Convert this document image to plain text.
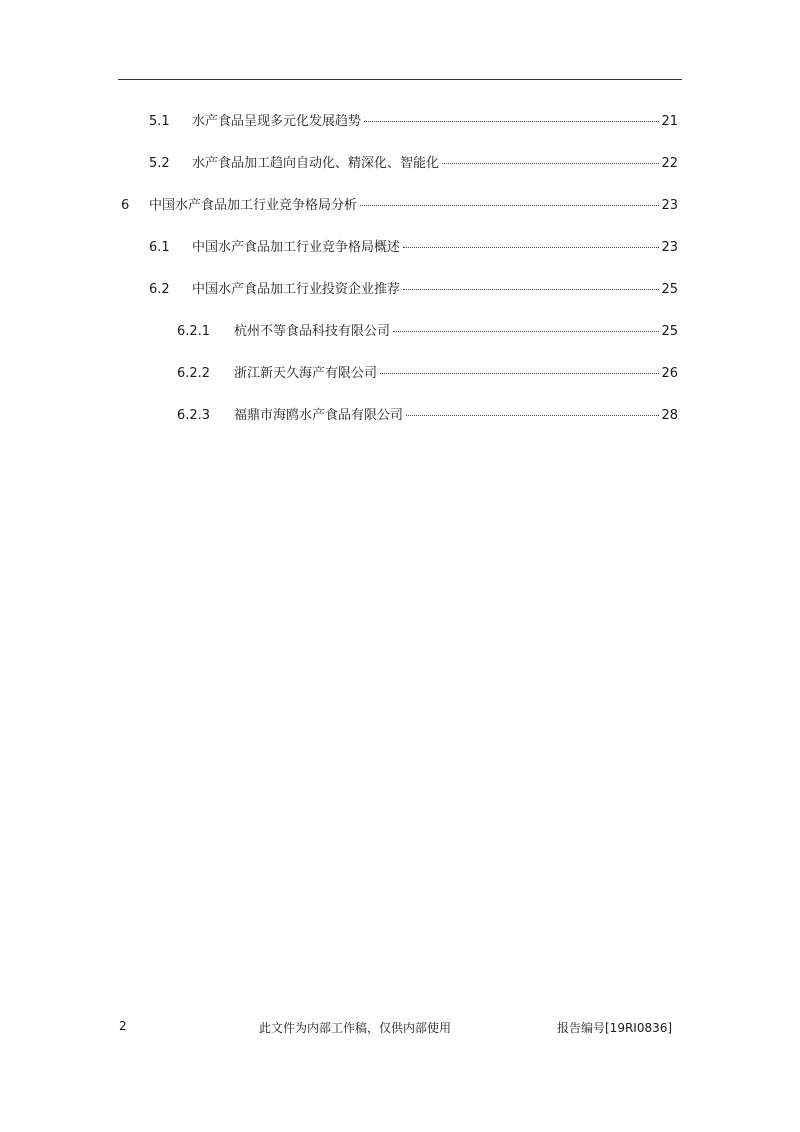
5.1	水产食品呈现多元化发展趋势	21
5.2	水产食品加工趋向自动化、精深化、智能化	22
6	中国水产食品加工行业竞争格局分析	23
6.1	中国水产食品加工行业竞争格局概述	23
6.2	中国水产食品加工行业投资企业推荐	25
6.2.1	杭州不等食品科技有限公司	25
6.2.2	浙江新天久海产有限公司	26
6.2.3	福鼎市海鸥水产食品有限公司	28
2	此文件为内部工作稿，仅供内部使用	报告编号[19RI0836]
